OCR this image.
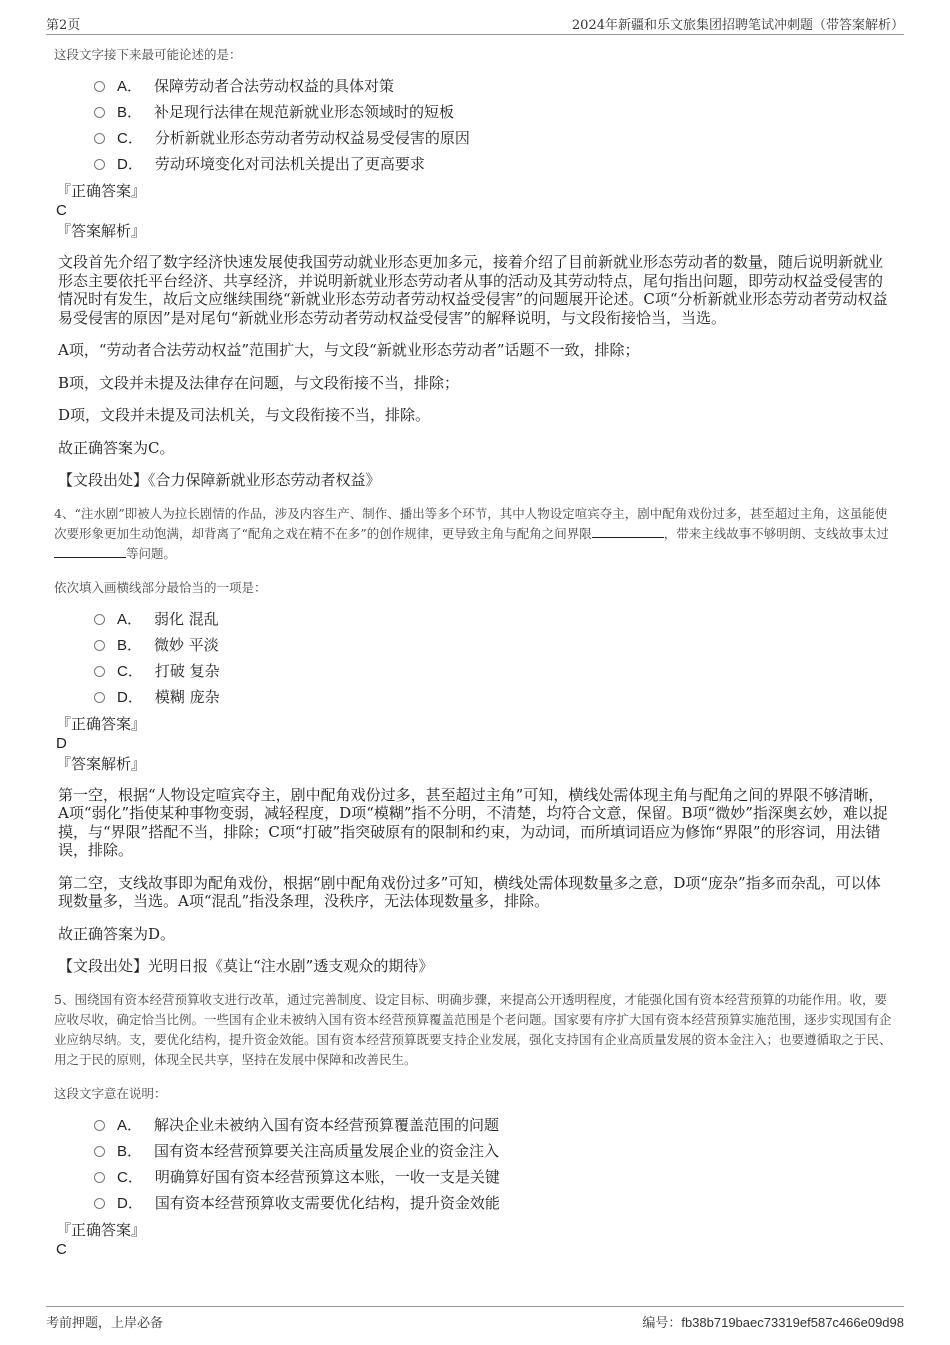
第2页	2024年新疆和乐文旅集团招聘笔试冲刺题（带答案解析）

这段文字接下来最可能论述的是：

A． 保障劳动者合法劳动权益的具体对策
B． 补足现行法律在规范新就业形态领域时的短板
C． 分析新就业形态劳动者劳动权益易受侵害的原因
D． 劳动环境变化对司法机关提出了更高要求

『正确答案』

C

『答案解析』

文段首先介绍了数字经济快速发展使我国劳动就业形态更加多元，接着介绍了目前新就业形态劳动者的数量，随后说明新就业形态主要依托平台经济、共享经济，并说明新就业形态劳动者从事的活动及其劳动特点，尾句指出问题，即劳动权益受侵害的情况时有发生，故后文应继续围绕“新就业形态劳动者劳动权益受侵害”的问题展开论述。C项“分析新就业形态劳动者劳动权益易受侵害的原因”是对尾句“新就业形态劳动者劳动权益受侵害”的解释说明，与文段衔接恰当，当选。

A项，“劳动者合法劳动权益”范围扩大，与文段“新就业形态劳动者”话题不一致，排除；

B项，文段并未提及法律存在问题，与文段衔接不当，排除；

D项，文段并未提及司法机关，与文段衔接不当，排除。

故正确答案为C。

【文段出处】《合力保障新就业形态劳动者权益》

4、“注水剧”即被人为拉长剧情的作品，涉及内容生产、制作、播出等多个环节，其中人物设定喧宾夺主，剧中配角戏份过多，甚至超过主角，这虽能使次要形象更加生动饱满，却背离了“配角之戏在精不在多”的创作规律，更导致主角与配角之间界限	，带来主线故事不够明朗、支线故事太过等问题。

依次填入画横线部分最恰当的一项是：

A． 弱化 混乱
B． 微妙 平淡
C． 打破 复杂
D． 模糊 庞杂

『正确答案』

D

『答案解析』

第一空，根据“人物设定喧宾夺主，剧中配角戏份过多，甚至超过主角”可知，横线处需体现主角与配角之间的界限不够清晰，A项“弱化”指使某种事物变弱，减轻程度，D项“模糊”指不分明，不清楚，均符合文意，保留。B项“微妙”指深奥玄妙，难以捉摸，与“界限”搭配不当，排除；C项“打破”指突破原有的限制和约束，为动词，而所填词语应为修饰“界限”的形容词，用法错误，排除。

第二空，支线故事即为配角戏份，根据“剧中配角戏份过多”可知，横线处需体现数量多之意，D项“庞杂”指多而杂乱，可以体现数量多，当选。A项“混乱”指没条理，没秩序，无法体现数量多，排除。

故正确答案为D。

【文段出处】光明日报《莫让“注水剧”透支观众的期待》

5、围绕国有资本经营预算收支进行改革，通过完善制度、设定目标、明确步骤，来提高公开透明程度，才能强化国有资本经营预算的功能作用。收，要应收尽收，确定恰当比例。一些国有企业未被纳入国有资本经营预算覆盖范围是个老问题。国家要有序扩大国有资本经营预算实施范围，逐步实现国有企业应纳尽纳。支，要优化结构，提升资金效能。国有资本经营预算既要支持企业发展，强化支持国有企业高质量发展的资本金注入；也要遵循取之于民、用之于民的原则，体现全民共享，坚持在发展中保障和改善民生。

这段文字意在说明：

A． 解决企业未被纳入国有资本经营预算覆盖范围的问题
B． 国有资本经营预算要关注高质量发展企业的资金注入
C． 明确算好国有资本经营预算这本账，一收一支是关键
D． 国有资本经营预算收支需要优化结构，提升资金效能

『正确答案』

C

考前押题，上岸必备	编号：fb38b719baec73319ef587c466e09d98
